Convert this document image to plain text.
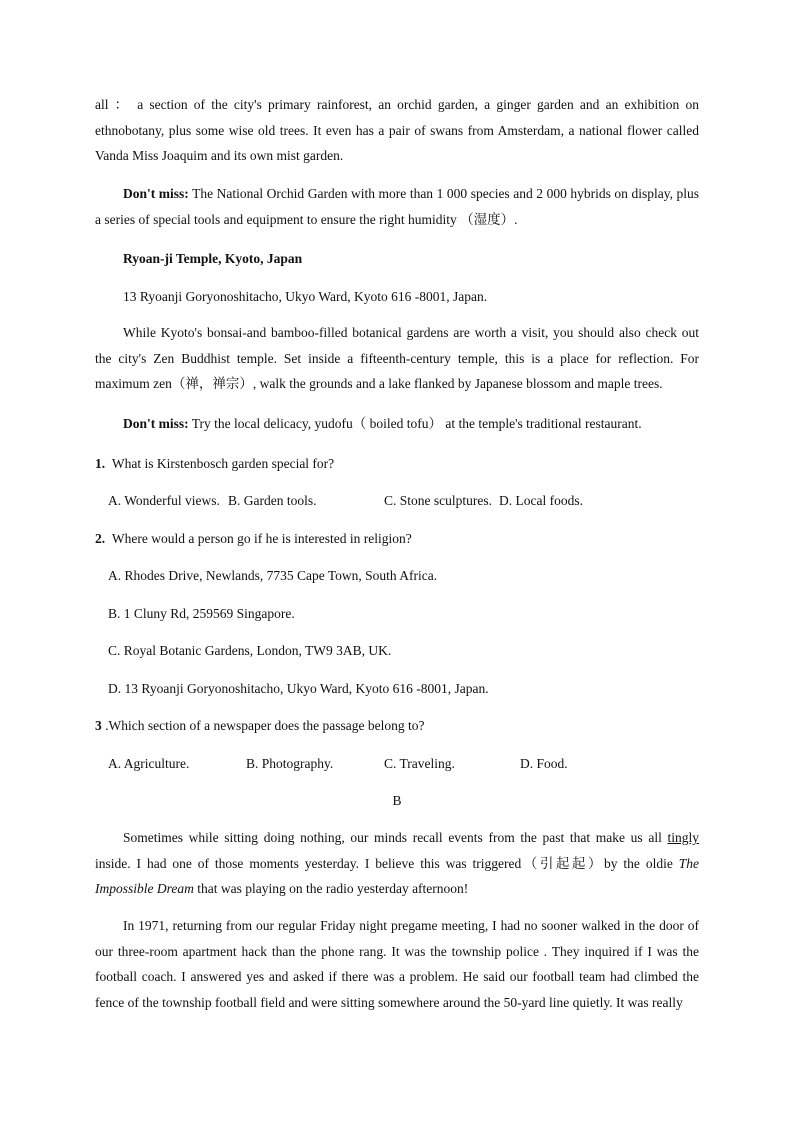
all ： a section of the city's primary rainforest, an orchid garden, a ginger garden and an exhibition on ethnobotany, plus some wise old trees. It even has a pair of swans from Amsterdam, a national flower called Vanda Miss Joaquim and its own mist garden.

Don't miss: The National Orchid Garden with more than 1 000 species and 2 000 hybrids on display, plus a series of special tools and equipment to ensure the right humidity （湿度）.

Ryoan-ji Temple, Kyoto, Japan

13 Ryoanji Goryonoshitacho, Ukyo Ward, Kyoto 616 -8001, Japan.

While Kyoto's bonsai-and bamboo-filled botanical gardens are worth a visit, you should also check out the city's Zen Buddhist temple. Set inside a fifteenth-century temple, this is a place for reflection. For maximum zen（禅，禅宗）, walk the grounds and a lake flanked by Japanese blossom and maple trees.

Don't miss: Try the local delicacy, yudofu（ boiled tofu） at the temple's traditional restaurant.

1. What is Kirstenbosch garden special for?

A. Wonderful views. B. Garden tools.	C. Stone sculptures. D. Local foods.

2. Where would a person go if he is interested in religion?

A. Rhodes Drive, Newlands, 7735 Cape Town, South Africa.

B. 1 Cluny Rd, 259569 Singapore.

C. Royal Botanic Gardens, London, TW9 3AB, UK.

D. 13 Ryoanji Goryonoshitacho, Ukyo Ward, Kyoto 616 -8001, Japan.

3 .Which section of a newspaper does the passage belong to?

A. Agriculture.	B. Photography.	C. Traveling.	D. Food.

B

Sometimes while sitting doing nothing, our minds recall events from the past that make us all tingly inside. I had one of those moments yesterday. I believe this was triggered（引起起）by the oldie The Impossible Dream that was playing on the radio yesterday afternoon!

In 1971, returning from our regular Friday night pregame meeting, I had no sooner walked in the door of our three-room apartment hack than the phone rang. It was the township police . They inquired if I was the football coach. I answered yes and asked if there was a problem. He said our football team had climbed the fence of the township football field and were sitting somewhere around the 50-yard line quietly. It was really
